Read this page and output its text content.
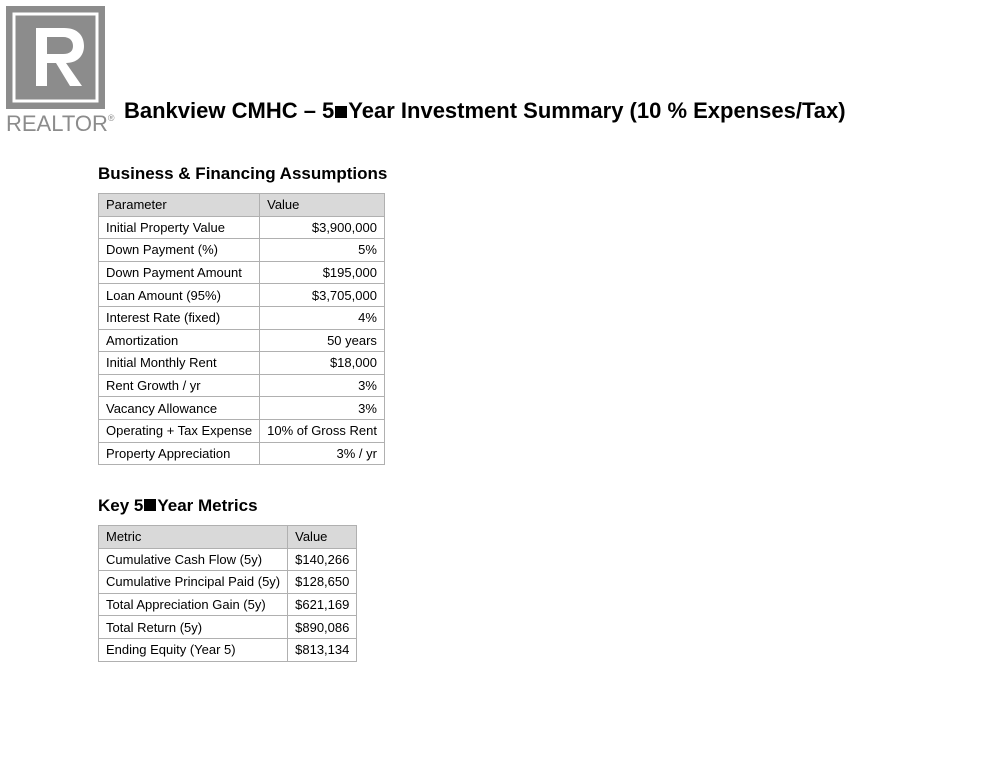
REALTOR® Bankview CMHC – 5 Year Investment Summary (10 % Expenses/Tax)
Business & Financing Assumptions
Parameter	Value
Initial Property Value	$3,900,000
Down Payment (%)	5%
Down Payment Amount	$195,000
Loan Amount (95%)	$3,705,000
Interest Rate (fixed)	4%
Amortization	50 years
Initial Monthly Rent	$18,000
Rent Growth / yr	3%
Vacancy Allowance	3%
Operating + Tax Expense	10% of Gross Rent
Property Appreciation	3% / yr
Key 5 Year Metrics
Metric	Value
Cumulative Cash Flow (5y)	$140,266
Cumulative Principal Paid (5y)	$128,650
Total Appreciation Gain (5y)	$621,169
Total Return (5y)	$890,086
Ending Equity (Year 5)	$813,134
